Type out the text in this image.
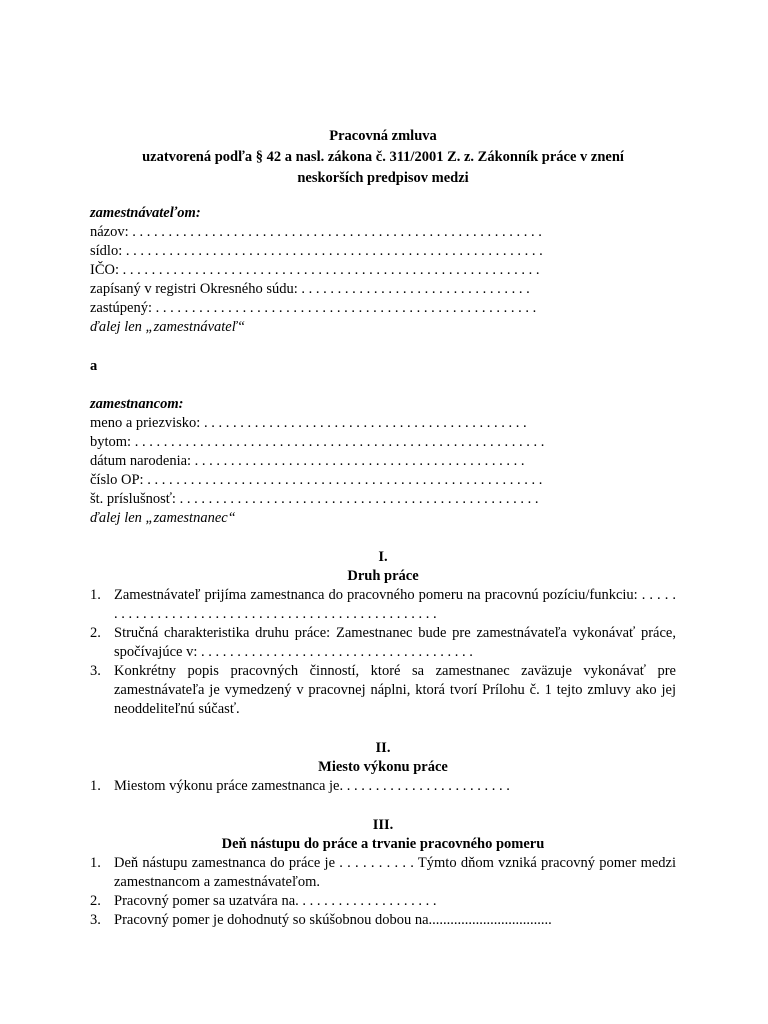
Pracovná zmluva
uzatvorená podľa § 42 a nasl. zákona č. 311/2001 Z. z. Zákonník práce v znení
neskorších predpisov medzi
zamestnávateľom:
názov: . . . . . . . . . . . . . . . . . . . . . . . . . . . . . . . . . . . . . . . . . . . . . . . . . . . . . . . . .
sídlo: . . . . . . . . . . . . . . . . . . . . . . . . . . . . . . . . . . . . . . . . . . . . . . . . . . . . . . . . . .
IČO: . . . . . . . . . . . . . . . . . . . . . . . . . . . . . . . . . . . . . . . . . . . . . . . . . . . . . . . . . .
zapísaný v registri Okresného súdu: . . . . . . . . . . . . . . . . . . . . . . . . . . . . . . . .
zastúpený: . . . . . . . . . . . . . . . . . . . . . . . . . . . . . . . . . . . . . . . . . . . . . . . . . . . . .
ďalej len „zamestnávateľ“
a
zamestnancom:
meno a priezvisko: . . . . . . . . . . . . . . . . . . . . . . . . . . . . . . . . . . . . . . . . . . . . .
bytom: . . . . . . . . . . . . . . . . . . . . . . . . . . . . . . . . . . . . . . . . . . . . . . . . . . . . . . . . .
dátum narodenia: . . . . . . . . . . . . . . . . . . . . . . . . . . . . . . . . . . . . . . . . . . . . . .
číslo OP: . . . . . . . . . . . . . . . . . . . . . . . . . . . . . . . . . . . . . . . . . . . . . . . . . . . . . . .
št. príslušnosť: . . . . . . . . . . . . . . . . . . . . . . . . . . . . . . . . . . . . . . . . . . . . . . . . . .
ďalej len „zamestnanec“
I.
Druh práce
1. Zamestnávateľ prijíma zamestnanca do pracovného pomeru na pracovnú pozíciu/funkciu: . . . . . . . . . . . . . . . . . . . . . . . . . . . . . . . . . . . . . . . . . . . . . . . . . .
2. Stručná charakteristika druhu práce: Zamestnanec bude pre zamestnávateľa vykonávať práce, spočívajúce v: . . . . . . . . . . . . . . . . . . . . . . . . . . . . . . . . . . . . . .
3. Konkrétny popis pracovných činností, ktoré sa zamestnanec zaväzuje vykonávať pre zamestnávateľa je vymedzený v pracovnej náplni, ktorá tvorí Prílohu č. 1 tejto zmluvy ako jej neoddeliteľnú súčasť.
II.
Miesto výkonu práce
1. Miestom výkonu práce zamestnanca je. . . . . . . . . . . . . . . . . . . . . . . .
III.
Deň nástupu do práce a trvanie pracovného pomeru
1. Deň nástupu zamestnanca do práce je . . . . . . . . . . Týmto dňom vzniká pracovný pomer medzi zamestnancom a zamestnávateľom.
2. Pracovný pomer sa uzatvára na. . . . . . . . . . . . . . . . . . . .
3. Pracovný pomer je dohodnutý so skúšobnou dobou na..................................
